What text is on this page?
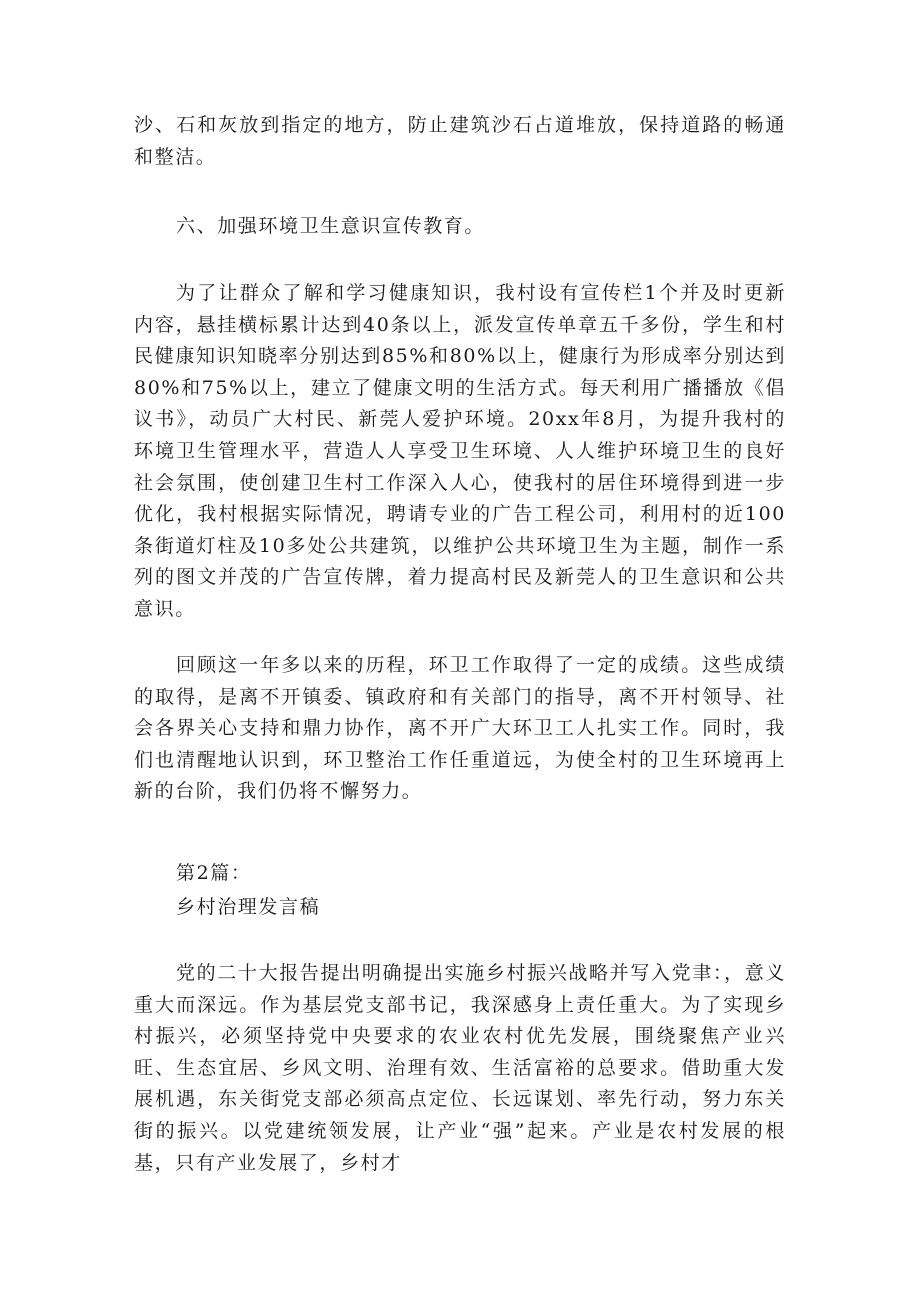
沙、石和灰放到指定的地方，防止建筑沙石占道堆放，保持道路的畅通和整洁。

六、加强环境卫生意识宣传教育。

为了让群众了解和学习健康知识，我村设有宣传栏1个并及时更新内容，悬挂横标累计达到40条以上，派发宣传单章五千多份，学生和村民健康知识知晓率分别达到85%和80%以上，健康行为形成率分别达到80%和75%以上，建立了健康文明的生活方式。每天利用广播播放《倡议书》，动员广大村民、新莞人爱护环境。20xx年8月，为提升我村的环境卫生管理水平，营造人人享受卫生环境、人人维护环境卫生的良好社会氛围，使创建卫生村工作深入人心，使我村的居住环境得到进一步优化，我村根据实际情况，聘请专业的广告工程公司，利用村的近100条街道灯柱及10多处公共建筑，以维护公共环境卫生为主题，制作一系列的图文并茂的广告宣传牌，着力提高村民及新莞人的卫生意识和公共意识。

回顾这一年多以来的历程，环卫工作取得了一定的成绩。这些成绩的取得，是离不开镇委、镇政府和有关部门的指导，离不开村领导、社会各界关心支持和鼎力协作，离不开广大环卫工人扎实工作。同时，我们也清醒地认识到，环卫整治工作任重道远，为使全村的卫生环境再上新的台阶，我们仍将不懈努力。

第2篇：

乡村治理发言稿

党的二十大报告提出明确提出实施乡村振兴战略并写入党聿：，意义重大而深远。作为基层党支部书记，我深感身上责任重大。为了实现乡村振兴，必须坚持党中央要求的农业农村优先发展，围绕聚焦产业兴旺、生态宜居、乡风文明、治理有效、生活富裕的总要求。借助重大发展机遇，东关街党支部必须高点定位、长远谋划、率先行动，努力东关街的振兴。以党建统领发展，让产业“强”起来。产业是农村发展的根基，只有产业发展了，乡村才
